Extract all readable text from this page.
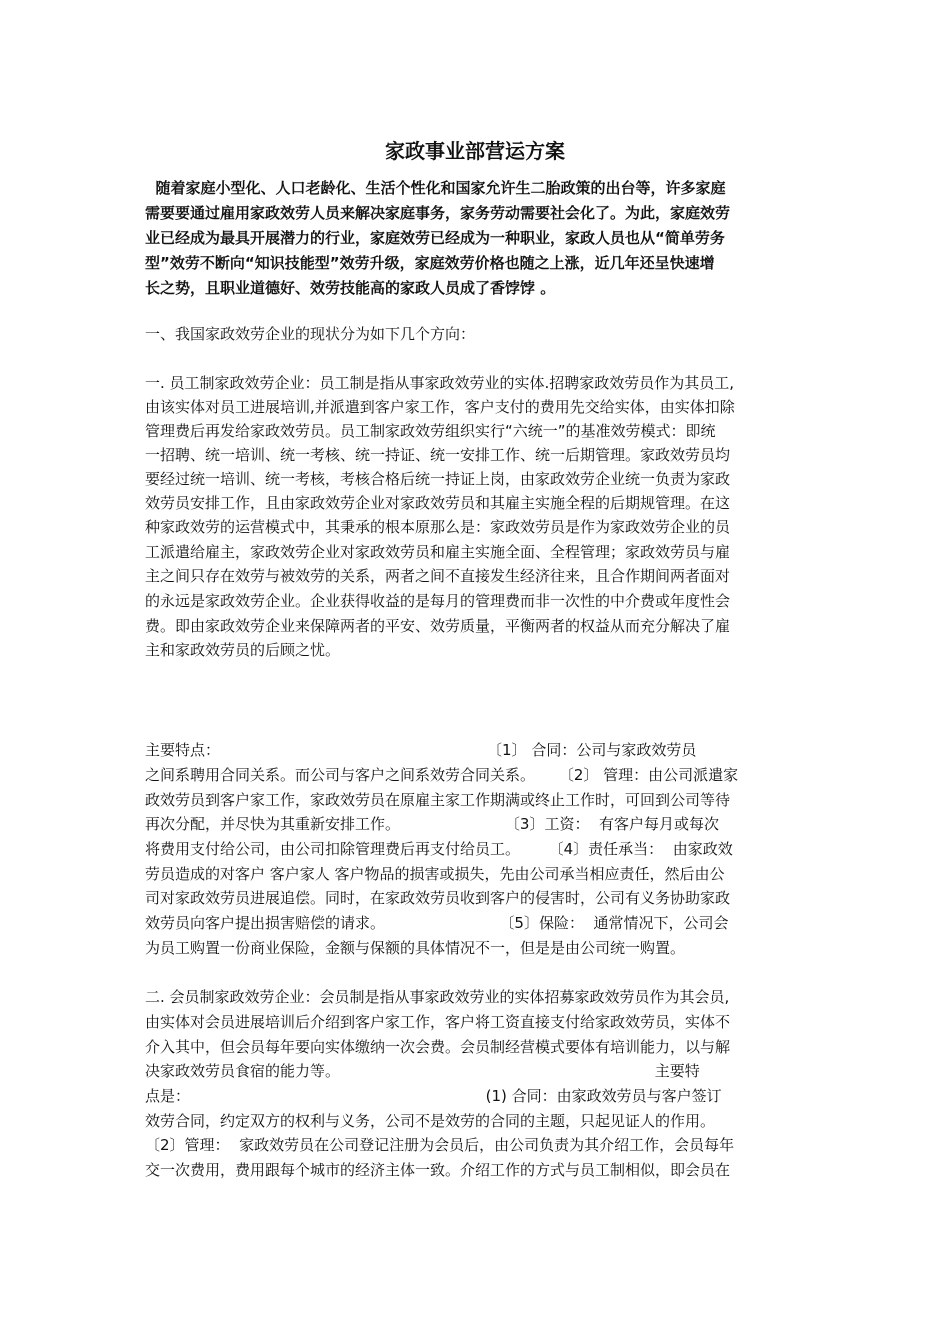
家政事业部营运方案
随着家庭小型化、人口老龄化、生活个性化和国家允许生二胎政策的出台等，许多家庭
需要要通过雇用家政效劳人员来解决家庭事务，家务劳动需要社会化了。为此，家庭效劳
业已经成为最具开展潜力的行业，家庭效劳已经成为一种职业，家政人员也从“简单劳务
型”效劳不断向“知识技能型”效劳升级，家庭效劳价格也随之上涨，近几年还呈快速增
长之势，且职业道德好、效劳技能高的家政人员成了香饽饽 。
一、我国家政效劳企业的现状分为如下几个方向：
一. 员工制家政效劳企业：员工制是指从事家政效劳业的实体.招聘家政效劳员作为其员工,
由该实体对员工进展培训,并派遣到客户家工作，客户支付的费用先交给实体，由实体扣除
管理费后再发给家政效劳员。员工制家政效劳组织实行“六统一”的基准效劳模式：即统
一招聘、统一培训、统一考核、统一持证、统一安排工作、统一后期管理。家政效劳员均
要经过统一培训、统一考核，考核合格后统一持证上岗，由家政效劳企业统一负责为家政
效劳员安排工作，且由家政效劳企业对家政效劳员和其雇主实施全程的后期规管理。在这
种家政效劳的运营模式中，其秉承的根本原那么是：家政效劳员是作为家政效劳企业的员
工派遣给雇主，家政效劳企业对家政效劳员和雇主实施全面、全程管理；家政效劳员与雇
主之间只存在效劳与被效劳的关系，两者之间不直接发生经济往来，且合作期间两者面对
的永远是家政效劳企业。企业获得收益的是每月的管理费而非一次性的中介费或年度性会
费。即由家政效劳企业来保障两者的平安、效劳质量，平衡两者的权益从而充分解决了雇
主和家政效劳员的后顾之忧。
主要特点：                                                        〔1〕 合同：公司与家政效劳员
之间系聘用合同关系。而公司与客户之间系效劳合同关系。     〔2〕 管理：由公司派遣家
政效劳员到客户家工作，家政效劳员在原雇主家工作期满或终止工作时，可回到公司等待
再次分配，并尽快为其重新安排工作。                      〔3〕工资：  有客户每月或每次
将费用支付给公司，由公司扣除管理费后再支付给员工。      〔4〕责任承当：  由家政效
劳员造成的对客户 客户家人 客户物品的损害或损失，先由公司承当相应责任，然后由公
司对家政效劳员进展追偿。同时，在家政效劳员收到客户的侵害时，公司有义务协助家政
效劳员向客户提出损害赔偿的请求。                        〔5〕保险：  通常情况下，公司会
为员工购置一份商业保险，金额与保额的具体情况不一，但是是由公司统一购置。
二. 会员制家政效劳企业：会员制是指从事家政效劳业的实体招募家政效劳员作为其会员,
由实体对会员进展培训后介绍到客户家工作，客户将工资直接支付给家政效劳员，实体不
介入其中，但会员每年要向实体缴纳一次会费。会员制经营模式要体有培训能力，以与解
决家政效劳员食宿的能力等。                                                                  主要特
点是：                                                              (1) 合同：由家政效劳员与客户签订
效劳合同，约定双方的权利与义务，公司不是效劳的合同的主题，只起见证人的作用。
〔2〕管理：  家政效劳员在公司登记注册为会员后，由公司负责为其介绍工作，会员每年
交一次费用，费用跟每个城市的经济主体一致。介绍工作的方式与员工制相似，即会员在
